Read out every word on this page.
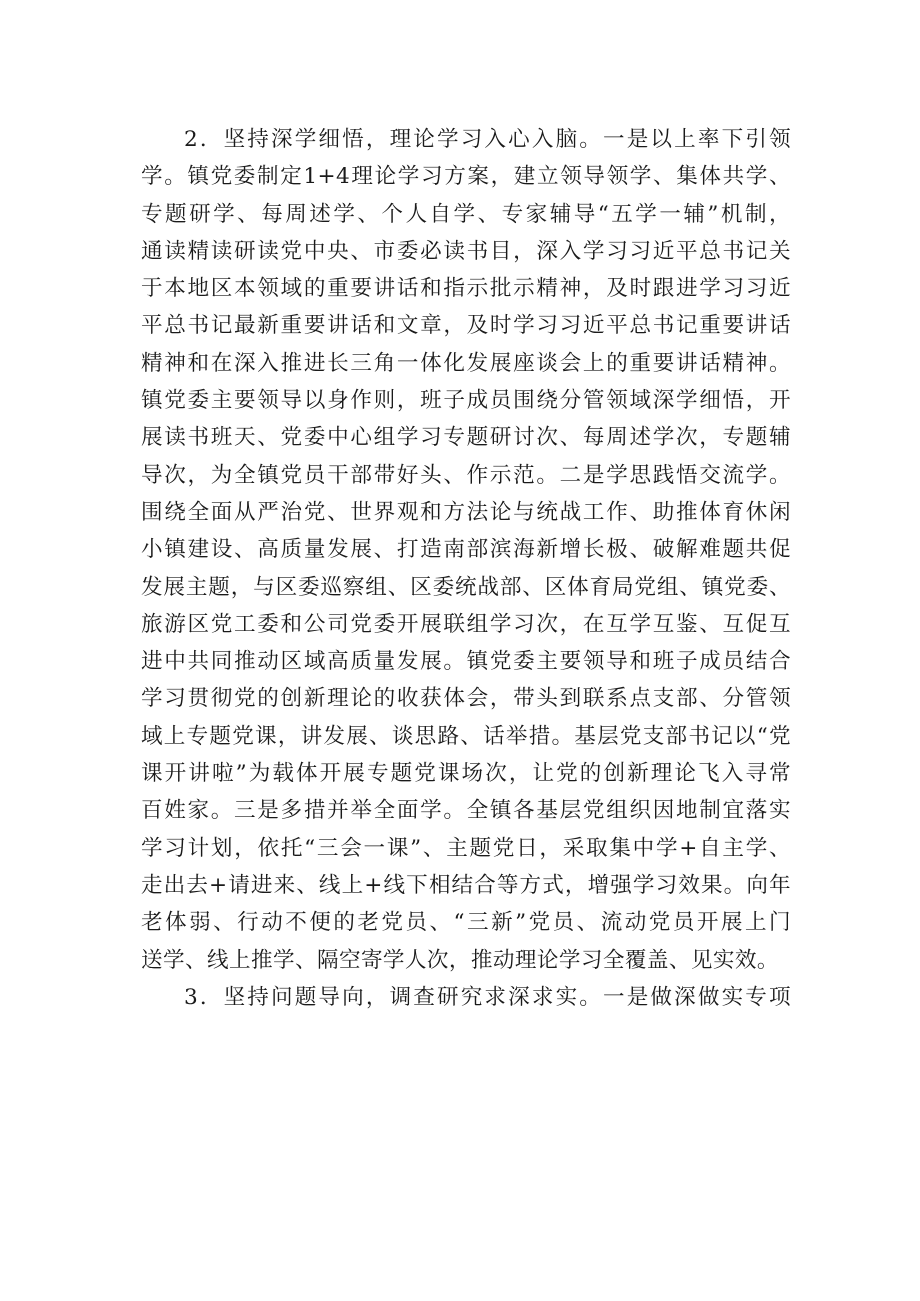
2．坚持深学细悟，理论学习入心入脑。一是以上率下引领
学。镇党委制定1+4理论学习方案，建立领导领学、集体共学、
专题研学、每周述学、个人自学、专家辅导“五学一辅”机制，
通读精读研读党中央、市委必读书目，深入学习习近平总书记关
于本地区本领域的重要讲话和指示批示精神，及时跟进学习习近
平总书记最新重要讲话和文章，及时学习习近平总书记重要讲话
精神和在深入推进长三角一体化发展座谈会上的重要讲话精神。
镇党委主要领导以身作则，班子成员围绕分管领域深学细悟，开
展读书班天、党委中心组学习专题研讨次、每周述学次，专题辅
导次，为全镇党员干部带好头、作示范。二是学思践悟交流学。
围绕全面从严治党、世界观和方法论与统战工作、助推体育休闲
小镇建设、高质量发展、打造南部滨海新增长极、破解难题共促
发展主题，与区委巡察组、区委统战部、区体育局党组、镇党委、
旅游区党工委和公司党委开展联组学习次，在互学互鉴、互促互
进中共同推动区域高质量发展。镇党委主要领导和班子成员结合
学习贯彻党的创新理论的收获体会，带头到联系点支部、分管领
域上专题党课，讲发展、谈思路、话举措。基层党支部书记以“党
课开讲啦”为载体开展专题党课场次，让党的创新理论飞入寻常
百姓家。三是多措并举全面学。全镇各基层党组织因地制宜落实
学习计划，依托“三会一课”、主题党日，采取集中学+自主学、
走出去+请进来、线上+线下相结合等方式，增强学习效果。向年
老体弱、行动不便的老党员、“三新”党员、流动党员开展上门
送学、线上推学、隔空寄学人次，推动理论学习全覆盖、见实效。
3．坚持问题导向，调查研究求深求实。一是做深做实专项
